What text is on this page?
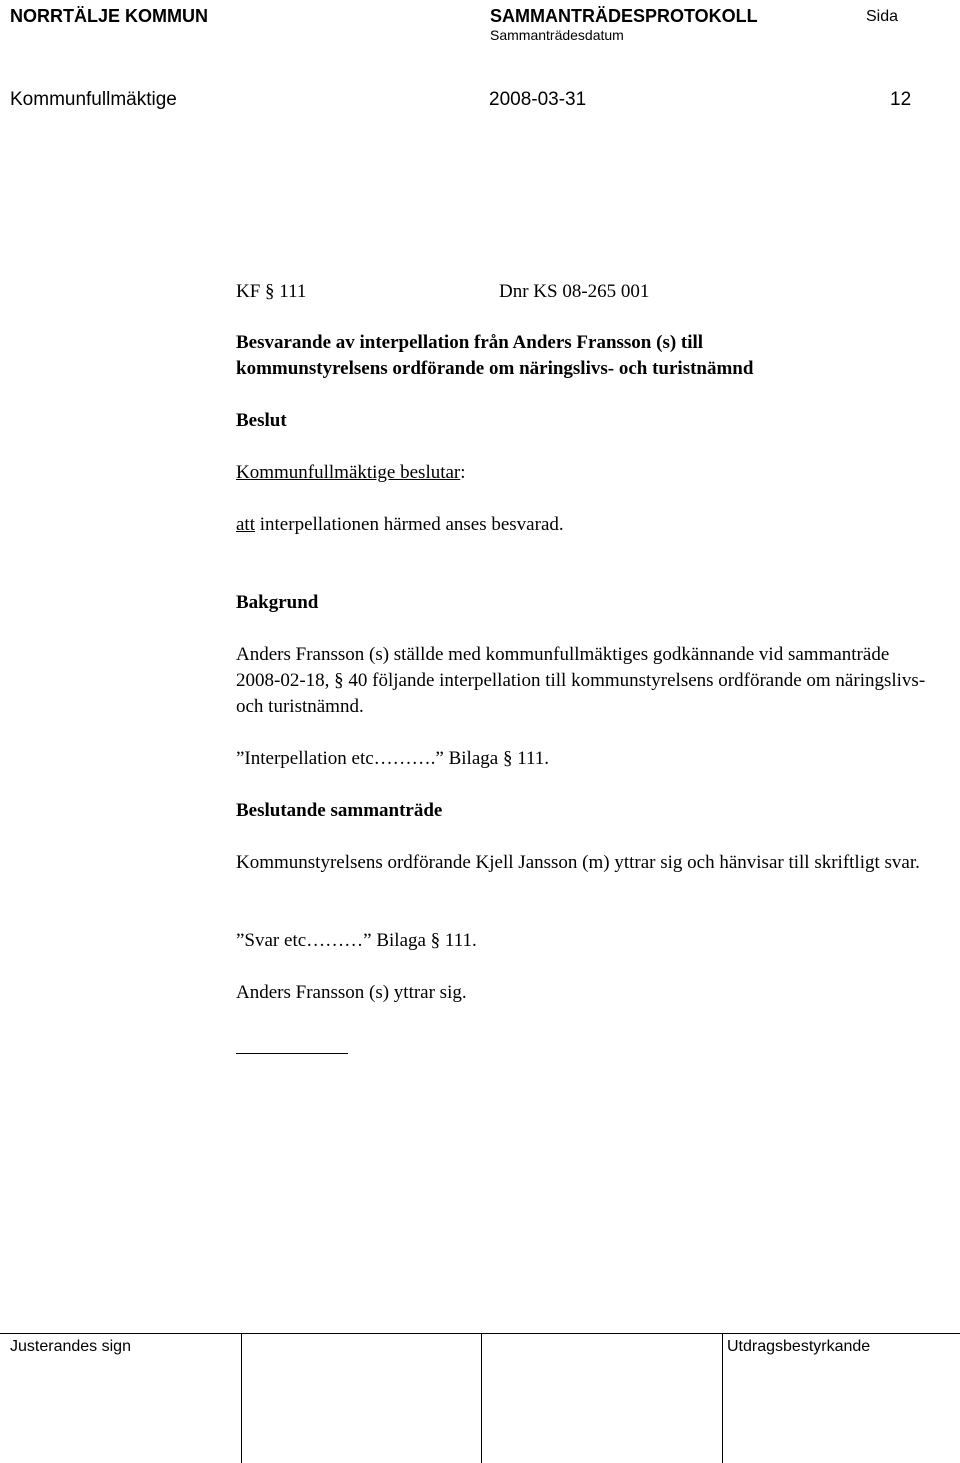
NORRTÄLJE KOMMUN	SAMMANTRÄDESPROTOKOLL
Sammanträdesdatum
Sida
Kommunfullmäktige	2008-03-31	12
KF § 111	Dnr KS 08-265 001
Besvarande av interpellation från Anders Fransson (s) till
kommunstyrelsens ordförande om näringslivs- och turistnämnd
Beslut
Kommunfullmäktige beslutar:
att interpellationen härmed anses besvarad.
Bakgrund
Anders Fransson (s) ställde med kommunfullmäktiges godkännande vid sammanträde 2008-02-18, § 40 följande interpellation till kommunstyrelsens ordförande om näringslivs- och turistnämnd.
”Interpellation etc……….” Bilaga § 111.
Beslutande sammanträde
Kommunstyrelsens ordförande Kjell Jansson (m) yttrar sig och hänvisar till skriftligt svar.
”Svar etc………” Bilaga § 111.
Anders Fransson (s) yttrar sig.
Justerandes sign	Utdragsbestyrkande
